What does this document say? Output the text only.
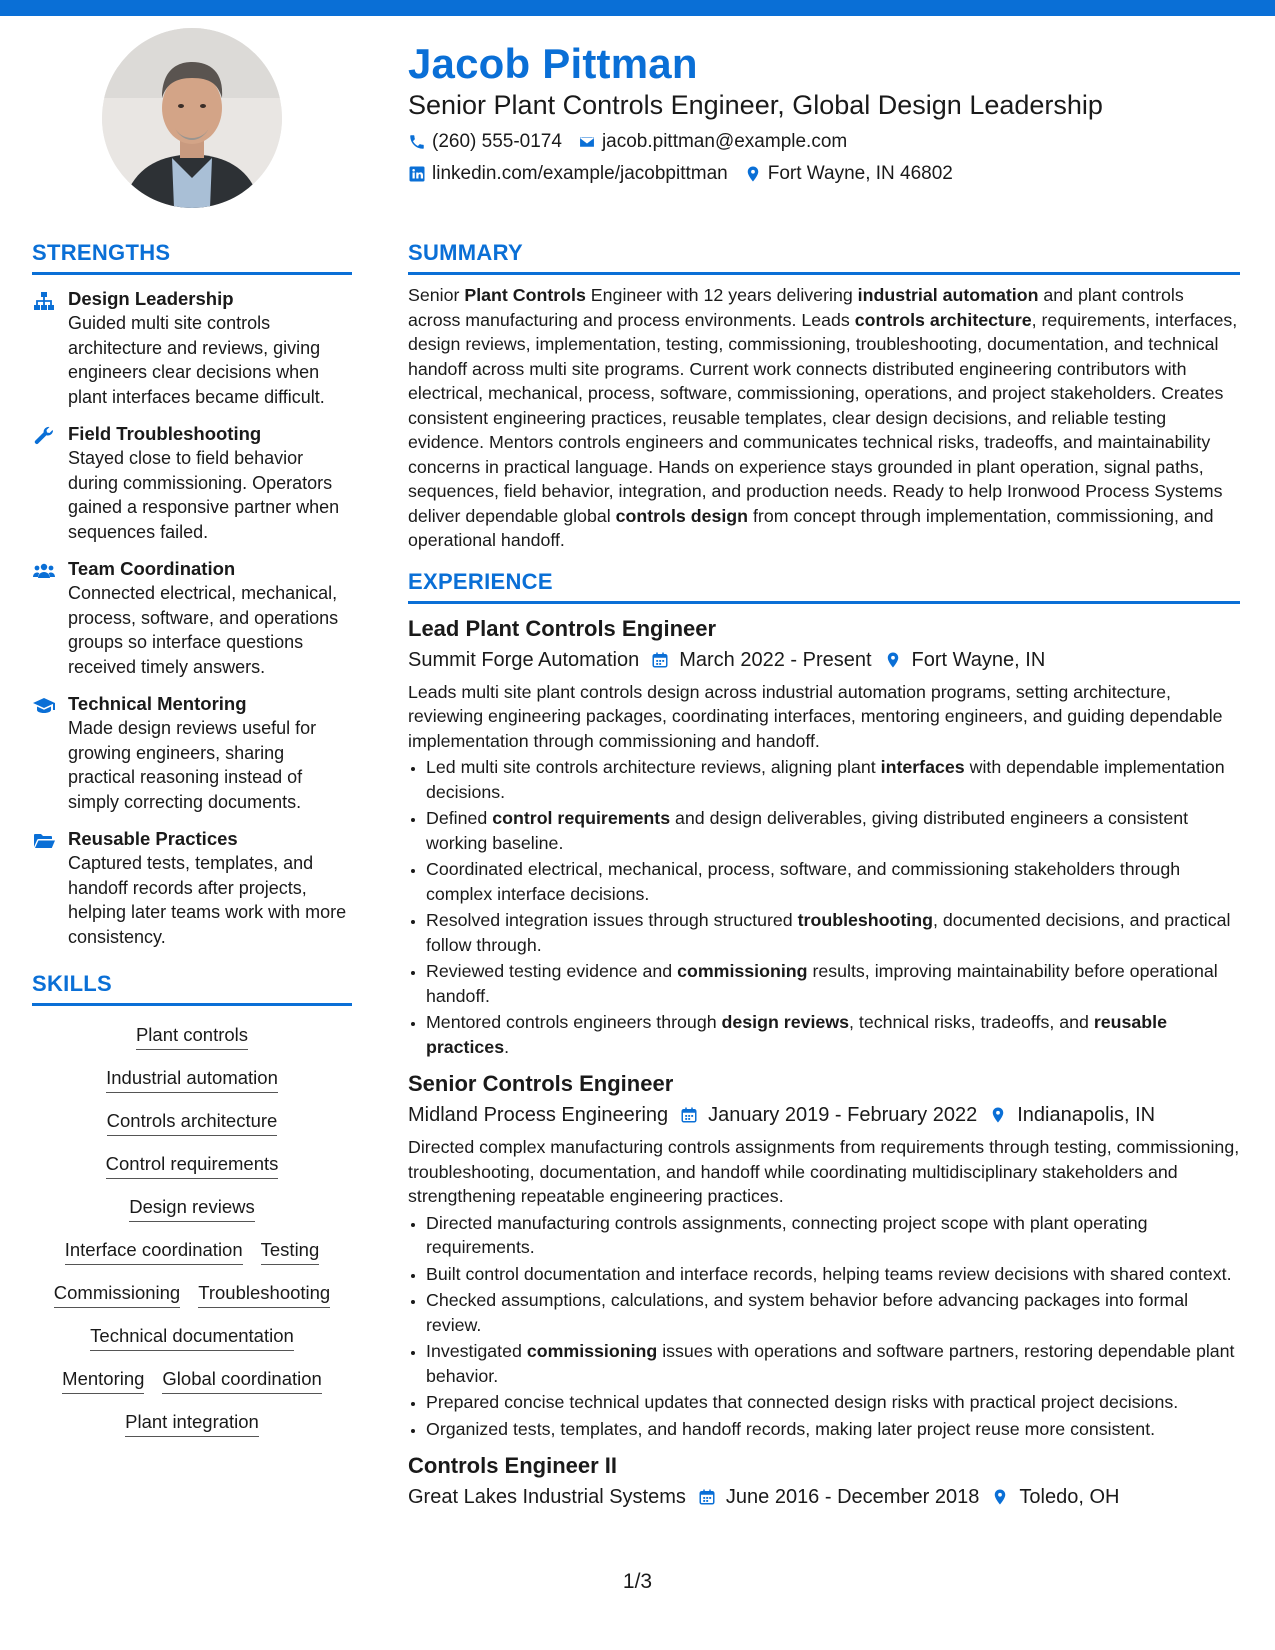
Jacob Pittman
Senior Plant Controls Engineer, Global Design Leadership
(260) 555-0174 jacob.pittman@example.com
linkedin.com/example/jacobpittman Fort Wayne, IN 46802
STRENGTHS
Design Leadership
Guided multi site controls architecture and reviews, giving engineers clear decisions when plant interfaces became difficult.
Field Troubleshooting
Stayed close to field behavior during commissioning. Operators gained a responsive partner when sequences failed.
Team Coordination
Connected electrical, mechanical, process, software, and operations groups so interface questions received timely answers.
Technical Mentoring
Made design reviews useful for growing engineers, sharing practical reasoning instead of simply correcting documents.
Reusable Practices
Captured tests, templates, and handoff records after projects, helping later teams work with more consistency.
SKILLS
Plant controls
Industrial automation
Controls architecture
Control requirements
Design reviews
Interface coordination Testing
Commissioning Troubleshooting
Technical documentation
Mentoring Global coordination
Plant integration
SUMMARY
Senior Plant Controls Engineer with 12 years delivering industrial automation and plant controls across manufacturing and process environments. Leads controls architecture, requirements, interfaces, design reviews, implementation, testing, commissioning, troubleshooting, documentation, and technical handoff across multi site programs. Current work connects distributed engineering contributors with electrical, mechanical, process, software, commissioning, operations, and project stakeholders. Creates consistent engineering practices, reusable templates, clear design decisions, and reliable testing evidence. Mentors controls engineers and communicates technical risks, tradeoffs, and maintainability concerns in practical language. Hands on experience stays grounded in plant operation, signal paths, sequences, field behavior, integration, and production needs. Ready to help Ironwood Process Systems deliver dependable global controls design from concept through implementation, commissioning, and operational handoff.
EXPERIENCE
Lead Plant Controls Engineer
Summit Forge Automation March 2022 - Present Fort Wayne, IN
Leads multi site plant controls design across industrial automation programs, setting architecture, reviewing engineering packages, coordinating interfaces, mentoring engineers, and guiding dependable implementation through commissioning and handoff.
• Led multi site controls architecture reviews, aligning plant interfaces with dependable implementation decisions.
• Defined control requirements and design deliverables, giving distributed engineers a consistent working baseline.
• Coordinated electrical, mechanical, process, software, and commissioning stakeholders through complex interface decisions.
• Resolved integration issues through structured troubleshooting, documented decisions, and practical follow through.
• Reviewed testing evidence and commissioning results, improving maintainability before operational handoff.
• Mentored controls engineers through design reviews, technical risks, tradeoffs, and reusable practices.
Senior Controls Engineer
Midland Process Engineering January 2019 - February 2022 Indianapolis, IN
Directed complex manufacturing controls assignments from requirements through testing, commissioning, troubleshooting, documentation, and handoff while coordinating multidisciplinary stakeholders and strengthening repeatable engineering practices.
• Directed manufacturing controls assignments, connecting project scope with plant operating requirements.
• Built control documentation and interface records, helping teams review decisions with shared context.
• Checked assumptions, calculations, and system behavior before advancing packages into formal review.
• Investigated commissioning issues with operations and software partners, restoring dependable plant behavior.
• Prepared concise technical updates that connected design risks with practical project decisions.
• Organized tests, templates, and handoff records, making later project reuse more consistent.
Controls Engineer II
Great Lakes Industrial Systems June 2016 - December 2018 Toledo, OH
1/3
